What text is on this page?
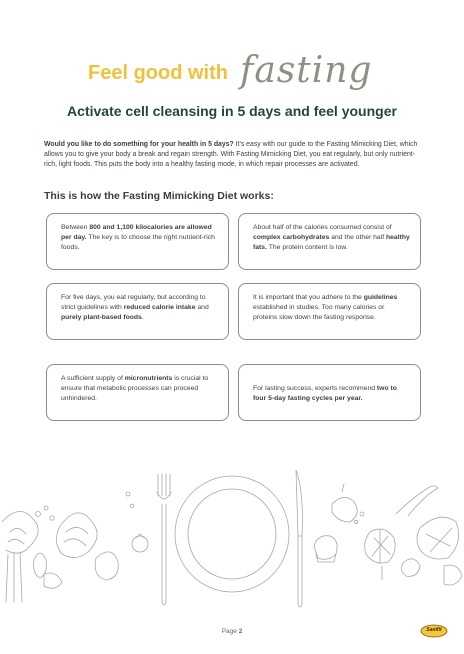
Feel good with fasting
Activate cell cleansing in 5 days and feel younger
Would you like to do something for your health in 5 days? It's easy with our guide to the Fasting Mimicking Diet, which allows you to give your body a break and regain strength. With Fasting Mimicking Diet, you eat regularly, but only nutrient-rich, light foods. This puts the body into a healthy fasting mode, in which repair processes are activated.
This is how the Fasting Mimicking Diet works:
Between 800 and 1,100 kilocalories are allowed per day. The key is to choose the right nutrient-rich foods.
About half of the calories consumed consist of complex carbohydrates and the other half healthy fats. The protein content is low.
For five days, you eat regularly, but according to strict guidelines with reduced calorie intake and purely plant-based foods.
It is important that you adhere to the guidelines established in studies. Too many calories or proteins slow down the fasting response.
A sufficient supply of micronutrients is crucial to ensure that metabolic processes can proceed unhindered.
For lasting success, experts recommend two to four 5-day fasting cycles per year.
Page 2	Sanifit
